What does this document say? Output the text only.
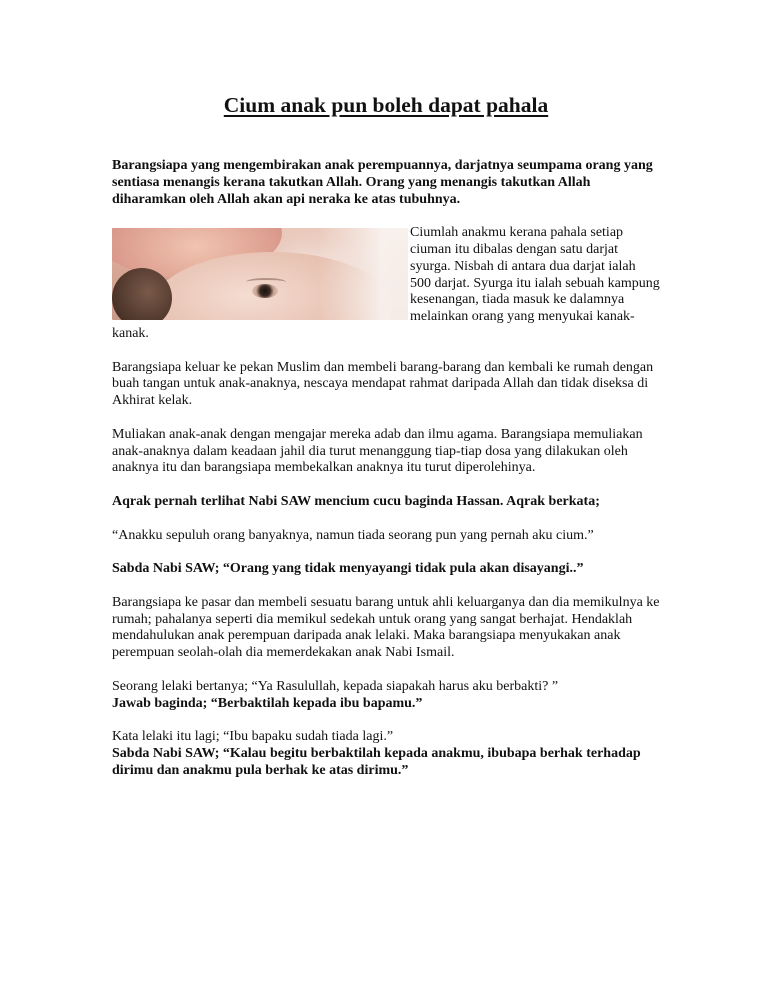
Cium anak pun boleh dapat pahala

Barangsiapa yang mengembirakan anak perempuannya, darjatnya seumpama orang yang sentiasa menangis kerana takutkan Allah. Orang yang menangis takutkan Allah diharamkan oleh Allah akan api neraka ke atas tubuhnya.

Ciumlah anakmu kerana pahala setiap ciuman itu dibalas dengan satu darjat syurga. Nisbah di antara dua darjat ialah 500 darjat. Syurga itu ialah sebuah kampung kesenangan, tiada masuk ke dalamnya melainkan orang yang menyukai kanak-kanak.

Barangsiapa keluar ke pekan Muslim dan membeli barang-barang dan kembali ke rumah dengan buah tangan untuk anak-anaknya, nescaya mendapat rahmat daripada Allah dan tidak diseksa di Akhirat kelak.

Muliakan anak-anak dengan mengajar mereka adab dan ilmu agama. Barangsiapa memuliakan anak-anaknya dalam keadaan jahil dia turut menanggung tiap-tiap dosa yang dilakukan oleh anaknya itu dan barangsiapa membekalkan anaknya itu turut diperolehinya.

Aqrak pernah terlihat Nabi SAW mencium cucu baginda Hassan. Aqrak berkata;

“Anakku sepuluh orang banyaknya, namun tiada seorang pun yang pernah aku cium.”

Sabda Nabi SAW; “Orang yang tidak menyayangi tidak pula akan disayangi..”

Barangsiapa ke pasar dan membeli sesuatu barang untuk ahli keluarganya dan dia memikulnya ke rumah; pahalanya seperti dia memikul sedekah untuk orang yang sangat berhajat. Hendaklah mendahulukan anak perempuan daripada anak lelaki. Maka barangsiapa menyukakan anak perempuan seolah-olah dia memerdekakan anak Nabi Ismail.

Seorang lelaki bertanya; “Ya Rasulullah, kepada siapakah harus aku berbakti? ”
Jawab baginda; “Berbaktilah kepada ibu bapamu.”

Kata lelaki itu lagi; “Ibu bapaku sudah tiada lagi.”
Sabda Nabi SAW; “Kalau begitu berbaktilah kepada anakmu, ibubapa berhak terhadap dirimu dan anakmu pula berhak ke atas dirimu.”
